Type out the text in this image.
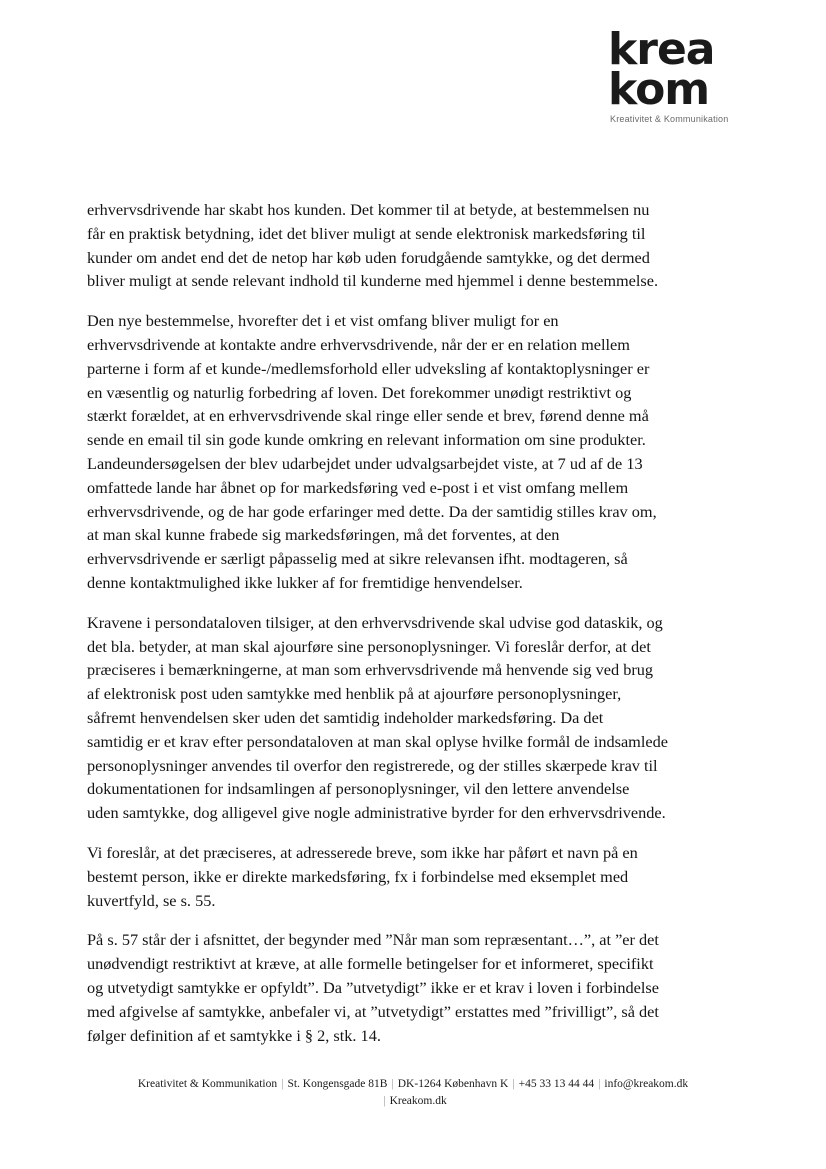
krea
kom
Kreativitet & Kommunikation

erhvervsdrivende har skabt hos kunden. Det kommer til at betyde, at bestemmelsen nu
får en praktisk betydning, idet det bliver muligt at sende elektronisk markedsføring til
kunder om andet end det de netop har køb uden forudgående samtykke, og det dermed
bliver muligt at sende relevant indhold til kunderne med hjemmel i denne bestemmelse.

Den nye bestemmelse, hvorefter det i et vist omfang bliver muligt for en
erhvervsdrivende at kontakte andre erhvervsdrivende, når der er en relation mellem
parterne i form af et kunde-/medlemsforhold eller udveksling af kontaktoplysninger er
en væsentlig og naturlig forbedring af loven. Det forekommer unødigt restriktivt og
stærkt forældet, at en erhvervsdrivende skal ringe eller sende et brev, førend denne må
sende en email til sin gode kunde omkring en relevant information om sine produkter.
Landeundersøgelsen der blev udarbejdet under udvalgsarbejdet viste, at 7 ud af de 13
omfattede lande har åbnet op for markedsføring ved e-post i et vist omfang mellem
erhvervsdrivende, og de har gode erfaringer med dette. Da der samtidig stilles krav om,
at man skal kunne frabede sig markedsføringen, må det forventes, at den
erhvervsdrivende er særligt påpasselig med at sikre relevansen ifht. modtageren, så
denne kontaktmulighed ikke lukker af for fremtidige henvendelser.

Kravene i persondataloven tilsiger, at den erhvervsdrivende skal udvise god dataskik, og
det bla. betyder, at man skal ajourføre sine personoplysninger. Vi foreslår derfor, at det
præciseres i bemærkningerne, at man som erhvervsdrivende må henvende sig ved brug
af elektronisk post uden samtykke med henblik på at ajourføre personoplysninger,
såfremt henvendelsen sker uden det samtidig indeholder markedsføring. Da det
samtidig er et krav efter persondataloven at man skal oplyse hvilke formål de indsamlede
personoplysninger anvendes til overfor den registrerede, og der stilles skærpede krav til
dokumentationen for indsamlingen af personoplysninger, vil den lettere anvendelse
uden samtykke, dog alligevel give nogle administrative byrder for den erhvervsdrivende.

Vi foreslår, at det præciseres, at adresserede breve, som ikke har påført et navn på en
bestemt person, ikke er direkte markedsføring, fx i forbindelse med eksemplet med
kuvertfyld, se s. 55.

På s. 57 står der i afsnittet, der begynder med ”Når man som repræsentant…”, at ”er det
unødvendigt restriktivt at kræve, at alle formelle betingelser for et informeret, specifikt
og utvetydigt samtykke er opfyldt”. Da ”utvetydigt” ikke er et krav i loven i forbindelse
med afgivelse af samtykke, anbefaler vi, at ”utvetydigt” erstattes med ”frivilligt”, så det
følger definition af et samtykke i § 2, stk. 14.

Kreativitet & Kommunikation | St. Kongensgade 81B | DK-1264 København K | +45 33 13 44 44 | info@kreakom.dk
| Kreakom.dk
